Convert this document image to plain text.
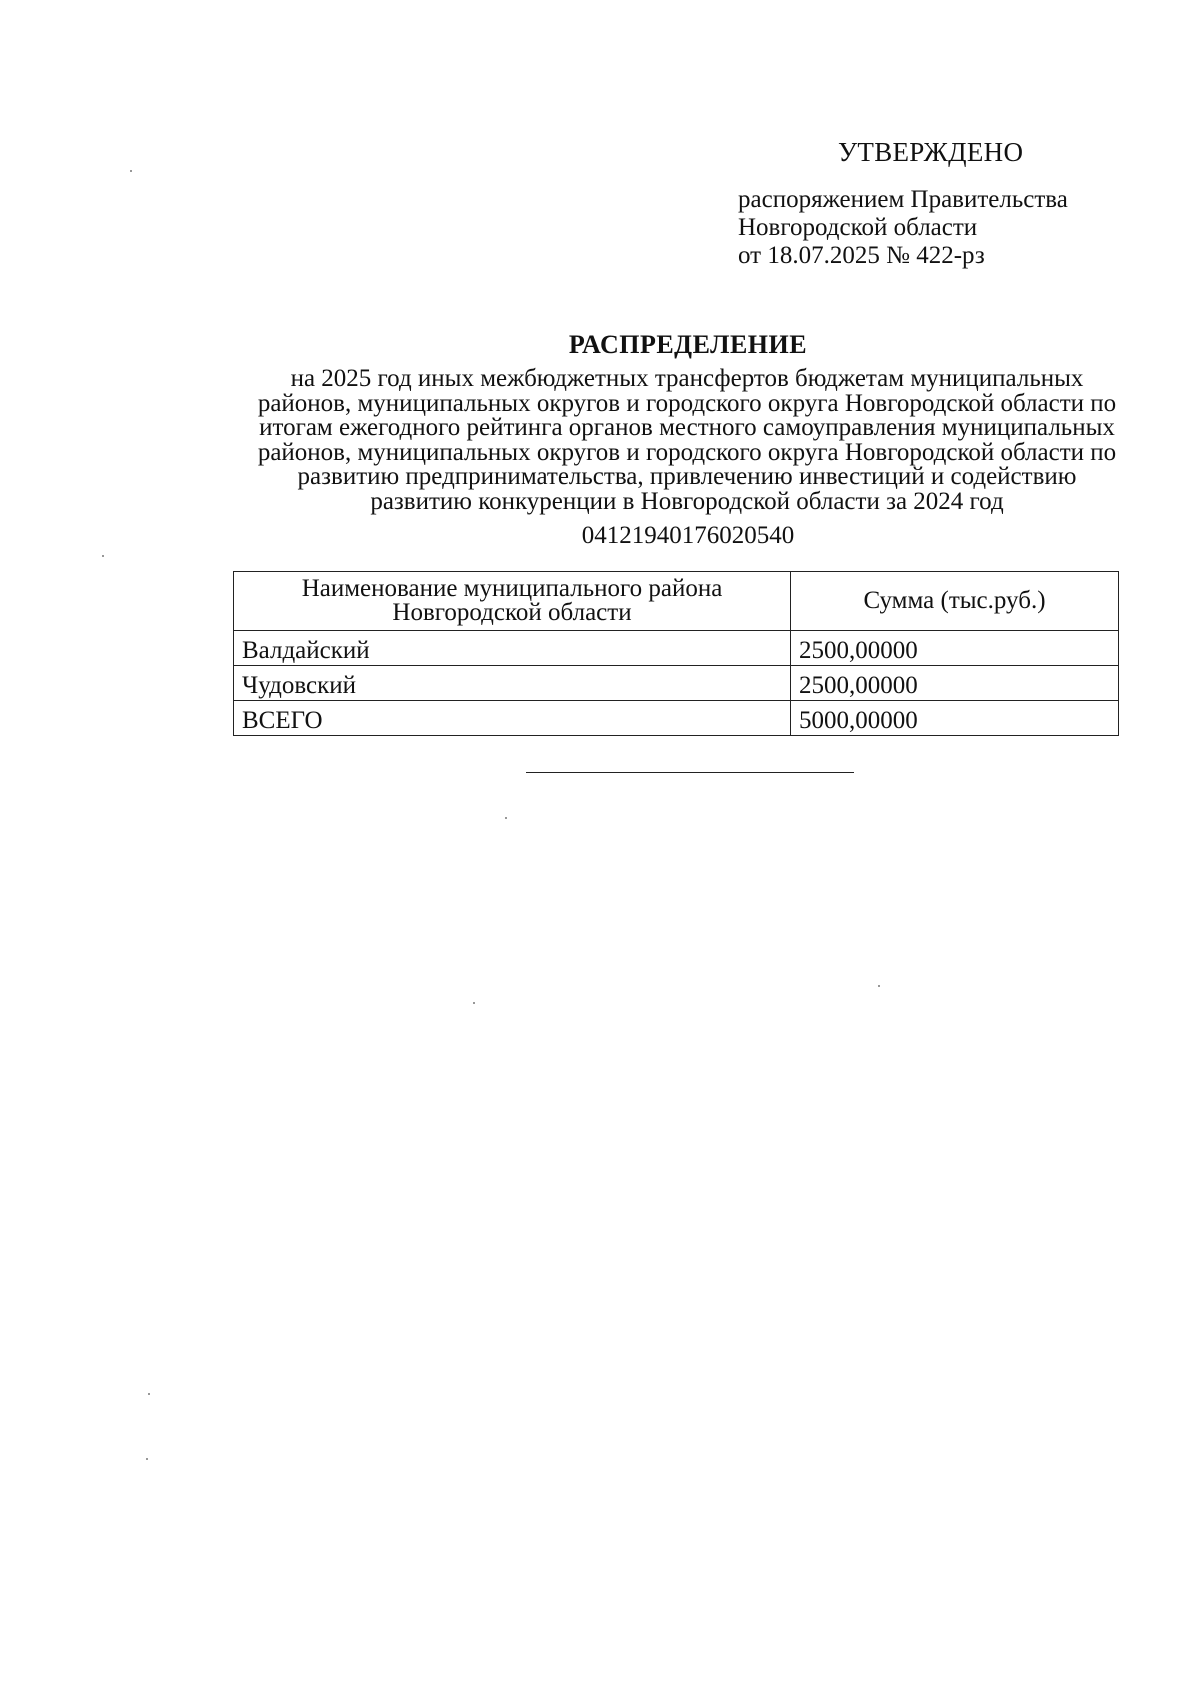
УТВЕРЖДЕНО
распоряжением Правительства
Новгородской области
от 18.07.2025 № 422-рз
РАСПРЕДЕЛЕНИЕ
на 2025 год иных межбюджетных трансфертов бюджетам муниципальных
районов, муниципальных округов и городского округа Новгородской области по
итогам ежегодного рейтинга органов местного самоуправления муниципальных
районов, муниципальных округов и городского округа Новгородской области по
развитию предпринимательства, привлечению инвестиций и содействию
развитию конкуренции в Новгородской области за 2024 год
04121940176020540
Наименование муниципального района
Новгородской области	Сумма (тыс.руб.)
Валдайский	2500,00000
Чудовский	2500,00000
ВСЕГО	5000,00000
